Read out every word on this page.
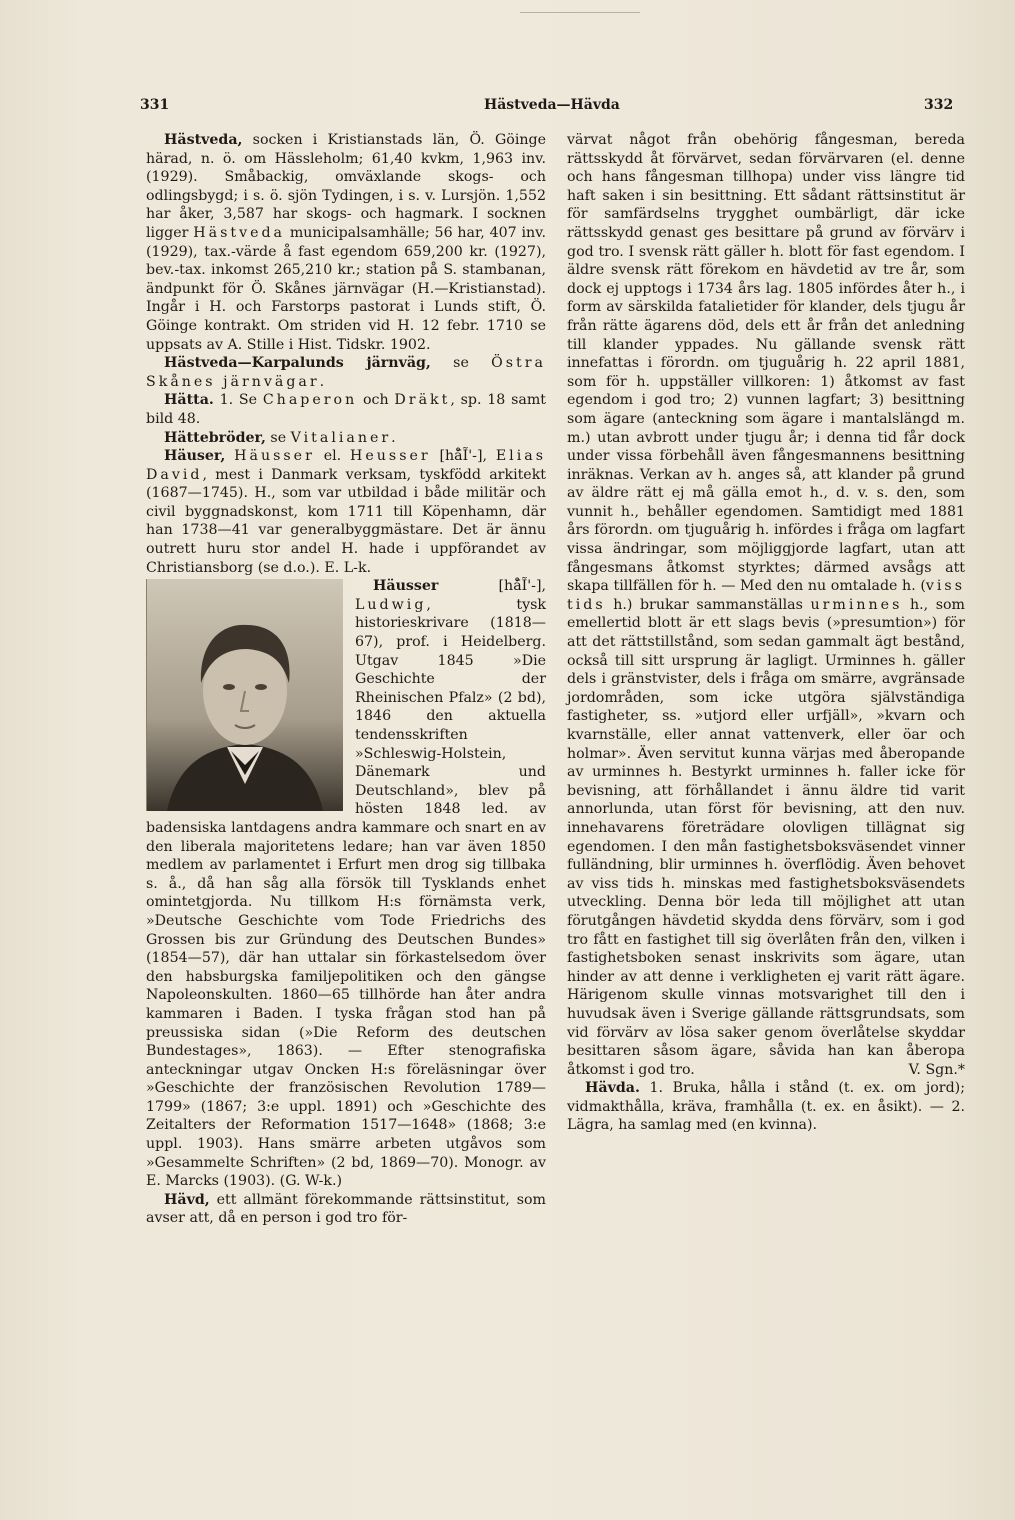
331	Hästveda—Hävda	332

Hästveda, socken i Kristianstads län, Ö. Göinge härad, n. ö. om Hässleholm; 61,40 kvkm, 1,963 inv. (1929). Småbackig, omväxlande skogs- och odlingsbygd; i s. ö. sjön Tydingen, i s. v. Lursjön. 1,552 har åker, 3,587 har skogs- och hagmark. I socknen ligger Hästveda municipalsamhälle; 56 har, 407 inv. (1929), tax.-värde å fast egendom 659,200 kr. (1927), bev.-tax. inkomst 265,210 kr.; station på S. stambanan, ändpunkt för Ö. Skånes järnvägar (H.—Kristianstad). Ingår i H. och Farstorps pastorat i Lunds stift, Ö. Göinge kontrakt. Om striden vid H. 12 febr. 1710 se uppsats av A. Stille i Hist. Tidskr. 1902.

Hästveda—Karpalunds järnväg, se Östra Skånes järnvägar.

Hätta. 1. Se Chaperon och Dräkt, sp. 18 samt bild 48.

Hättebröder, se Vitalianer.

Häuser, Häusser el. Heusser [hå̄Ĩ'-], Elias David, mest i Danmark verksam, tyskfödd arkitekt (1687—1745). H., som var utbildad i både militär och civil byggnadskonst, kom 1711 till Köpenhamn, där han 1738—41 var generalbyggmästare. Det är ännu outrett huru stor andel H. hade i uppförandet av Christiansborg (se d.o.). E. L-k.

Häusser [hå̄Ĩ'-], Ludwig, tysk historieskrivare (1818—67), prof. i Heidelberg. Utgav 1845 »Die Geschichte der Rheinischen Pfalz» (2 bd), 1846 den aktuella tendensskriften »Schleswig-Holstein, Dänemark und Deutschland», blev på hösten 1848 led. av badensiska lantdagens andra kammare och snart en av den liberala majoritetens ledare; han var även 1850 medlem av parlamentet i Erfurt men drog sig tillbaka s. å., då han såg alla försök till Tysklands enhet omintetgjorda. Nu tillkom H:s förnämsta verk, »Deutsche Geschichte vom Tode Friedrichs des Grossen bis zur Gründung des Deutschen Bundes» (1854—57), där han uttalar sin förkastelsedom över den habsburgska familjepolitiken och den gängse Napoleonskulten. 1860—65 tillhörde han åter andra kammaren i Baden. I tyska frågan stod han på preussiska sidan (»Die Reform des deutschen Bundestages», 1863). — Efter stenografiska anteckningar utgav Oncken H:s föreläsningar över »Geschichte der französischen Revolution 1789—1799» (1867; 3:e uppl. 1891) och »Geschichte des Zeitalters der Reformation 1517—1648» (1868; 3:e uppl. 1903). Hans smärre arbeten utgåvos som »Gesammelte Schriften» (2 bd, 1869—70). Monogr. av E. Marcks (1903). (G. W-k.)

Hävd, ett allmänt förekommande rättsinstitut, som avser att, då en person i god tro för-

värvat något från obehörig fångesman, bereda rättsskydd åt förvärvet, sedan förvärvaren (el. denne och hans fångesman tillhopa) under viss längre tid haft saken i sin besittning. Ett sådant rättsinstitut är för samfärdselns trygghet oumbärligt, där icke rättsskydd genast ges besittare på grund av förvärv i god tro. I svensk rätt gäller h. blott för fast egendom. I äldre svensk rätt förekom en hävdetid av tre år, som dock ej upptogs i 1734 års lag. 1805 infördes åter h., i form av särskilda fatalietider för klander, dels tjugu år från rätte ägarens död, dels ett år från det anledning till klander yppades. Nu gällande svensk rätt innefattas i förordn. om tjuguårig h. 22 april 1881, som för h. uppställer villkoren: 1) åtkomst av fast egendom i god tro; 2) vunnen lagfart; 3) besittning som ägare (anteckning som ägare i mantalslängd m. m.) utan avbrott under tjugu år; i denna tid får dock under vissa förbehåll även fångesmannens besittning inräknas. Verkan av h. anges så, att klander på grund av äldre rätt ej må gälla emot h., d. v. s. den, som vunnit h., behåller egendomen. Samtidigt med 1881 års förordn. om tjuguårig h. infördes i fråga om lagfart vissa ändringar, som möjliggjorde lagfart, utan att fångesmans åtkomst styrktes; därmed avsågs att skapa tillfällen för h. — Med den nu omtalade h. (viss tids h.) brukar sammanställas urminnes h., som emellertid blott är ett slags bevis (»presumtion») för att det rättstillstånd, som sedan gammalt ägt bestånd, också till sitt ursprung är lagligt. Urminnes h. gäller dels i gränstvister, dels i fråga om smärre, avgränsade jordområden, som icke utgöra självständiga fastigheter, ss. »utjord eller urfjäll», »kvarn och kvarnställe, eller annat vattenverk, eller öar och holmar». Även servitut kunna värjas med åberopande av urminnes h. Bestyrkt urminnes h. faller icke för bevisning, att förhållandet i ännu äldre tid varit annorlunda, utan först för bevisning, att den nuv. innehavarens företrädare olovligen tillägnat sig egendomen. I den mån fastighetsboksväsendet vinner fulländning, blir urminnes h. överflödig. Även behovet av viss tids h. minskas med fastighetsboksväsendets utveckling. Denna bör leda till möjlighet att utan förutgången hävdetid skydda dens förvärv, som i god tro fått en fastighet till sig överlåten från den, vilken i fastighetsboken senast inskrivits som ägare, utan hinder av att denne i verkligheten ej varit rätt ägare. Härigenom skulle vinnas motsvarighet till den i huvudsak även i Sverige gällande rättsgrundsats, som vid förvärv av lösa saker genom överlåtelse skyddar besittaren såsom ägare, såvida han kan åberopa åtkomst i god tro.	V. Sgn.*

Hävda. 1. Bruka, hålla i stånd (t. ex. om jord); vidmakthålla, kräva, framhålla (t. ex. en åsikt). — 2. Lägra, ha samlag med (en kvinna).
